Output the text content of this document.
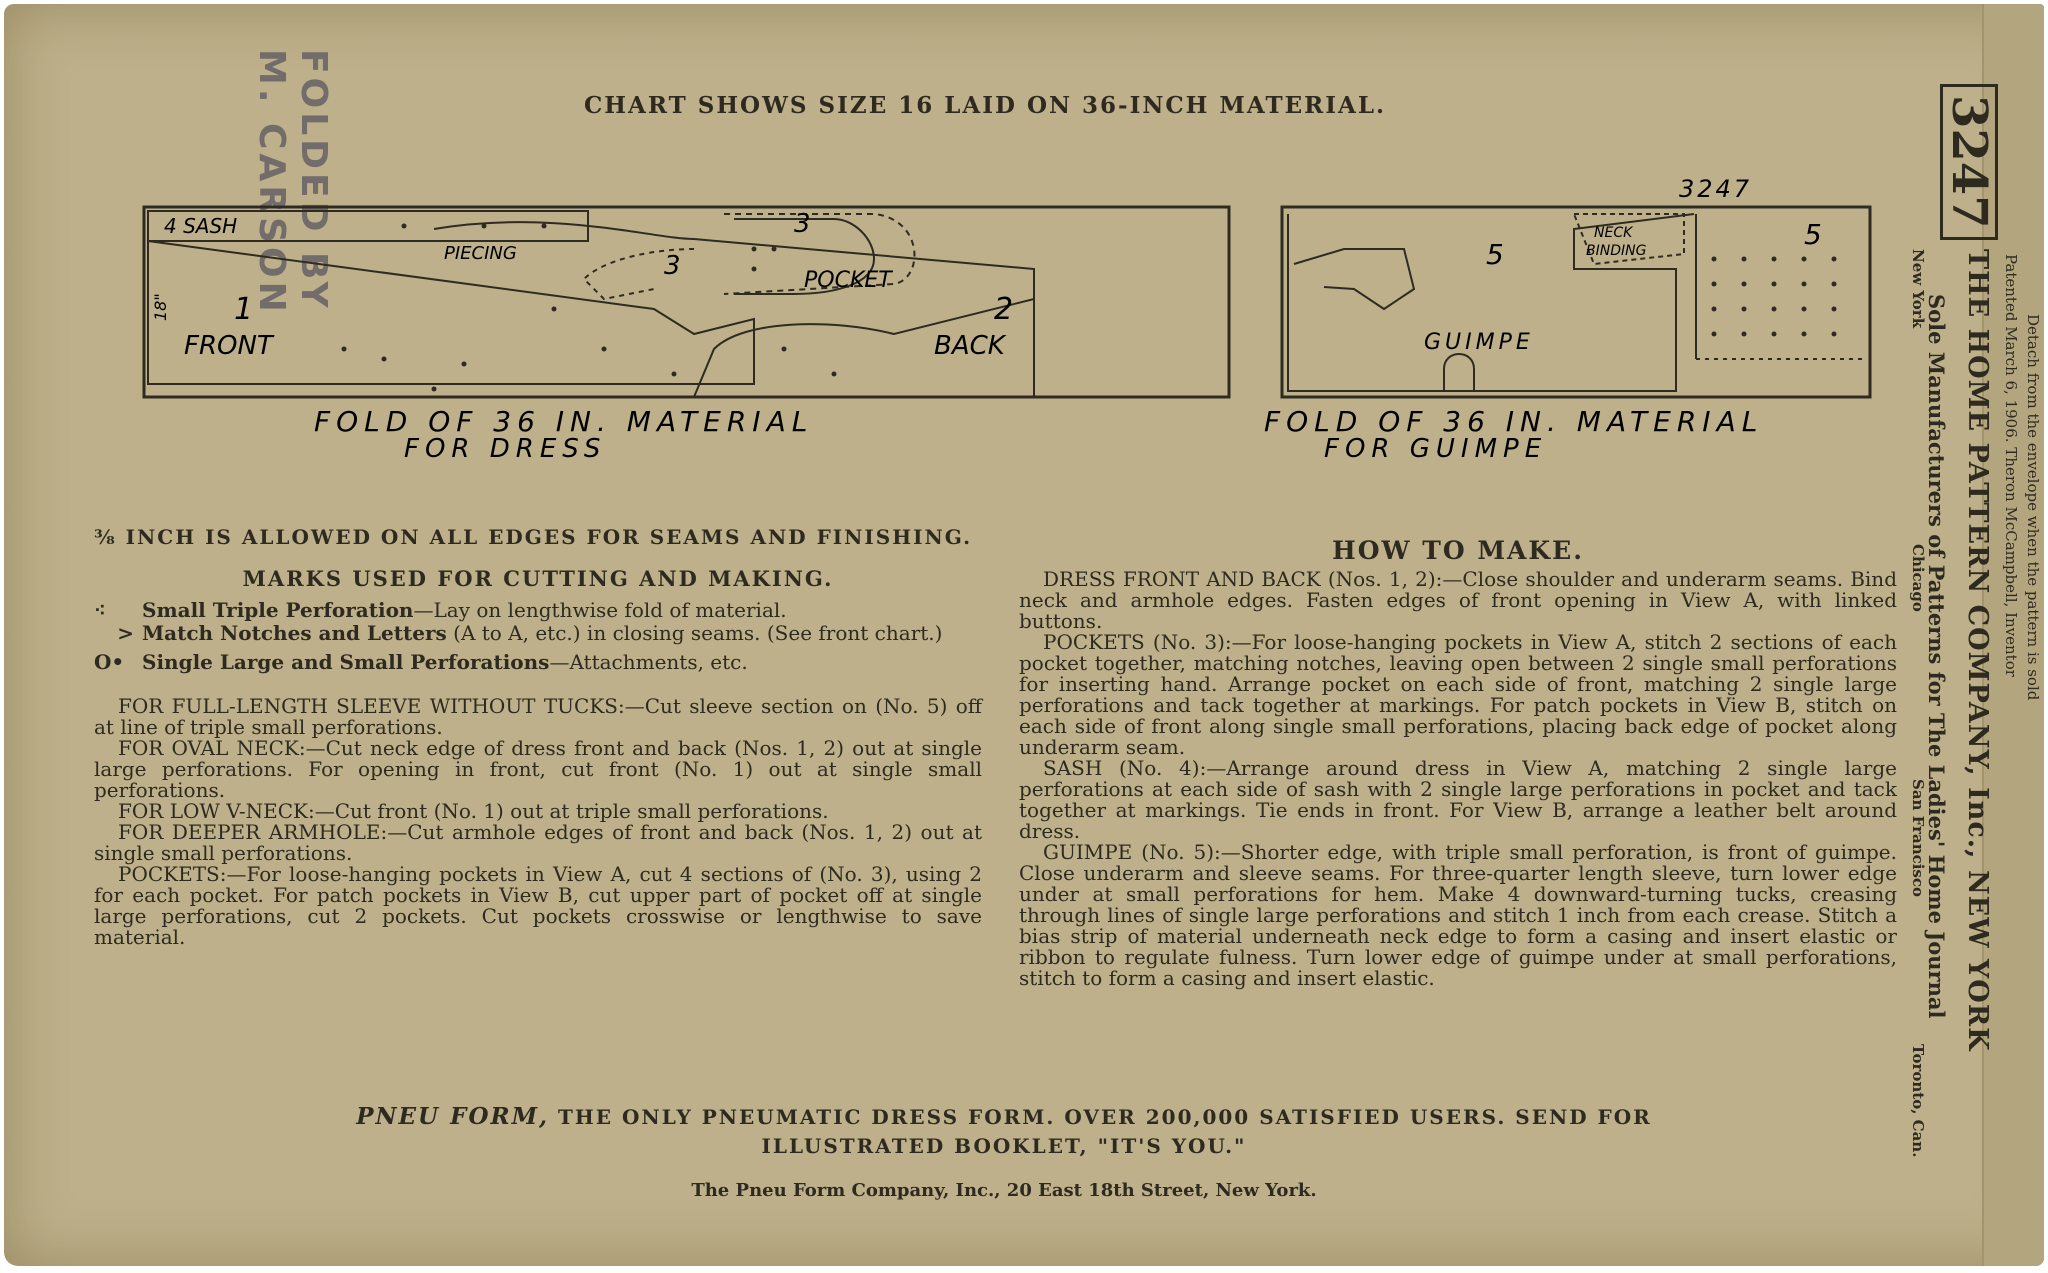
CHART SHOWS SIZE 16 LAID ON 36-INCH MATERIAL.
FOLDED BY M. CARSON
4 SASH
PIECING
3
3	POCKET
1
FRONT
2
BACK
18"
FOLD OF 36 IN. MATERIAL
FOR DRESS
3247
5
NECK
BINDING	5
GUIMPE
FOLD OF 36 IN. MATERIAL
FOR GUIMPE
⅜ INCH IS ALLOWED ON ALL EDGES FOR SEAMS AND FINISHING.
MARKS USED FOR CUTTING AND MAKING.
⁖	Small Triple Perforation—Lay on lengthwise fold of material.
> Match Notches and Letters (A to A, etc.) in closing seams. (See front chart.)
O• Single Large and Small Perforations—Attachments, etc.

FOR FULL-LENGTH SLEEVE WITHOUT TUCKS:—Cut sleeve section on (No. 5) off at line of triple small perforations.

FOR OVAL NECK:—Cut neck edge of dress front and back (Nos. 1, 2) out at single large perforations. For opening in front, cut front (No. 1) out at single small perforations.

FOR LOW V-NECK:—Cut front (No. 1) out at triple small perforations.

FOR DEEPER ARMHOLE:—Cut armhole edges of front and back (Nos. 1, 2) out at single small perforations.

POCKETS:—For loose-hanging pockets in View A, cut 4 sections of (No. 3), using 2 for each pocket. For patch pockets in View B, cut upper part of pocket off at single large perforations, cut 2 pockets. Cut pockets crosswise or lengthwise to save material.

HOW TO MAKE.

DRESS FRONT AND BACK (Nos. 1, 2):—Close shoulder and underarm seams. Bind neck and armhole edges. Fasten edges of front opening in View A, with linked buttons.

POCKETS (No. 3):—For loose-hanging pockets in View A, stitch 2 sections of each pocket together, matching notches, leaving open between 2 single small perforations for inserting hand. Arrange pocket on each side of front, matching 2 single large perforations and tack together at markings. For patch pockets in View B, stitch on each side of front along single small perforations, placing back edge of pocket along underarm seam.

SASH (No. 4):—Arrange around dress in View A, matching 2 single large perforations at each side of sash with 2 single large perforations in pocket and tack together at markings. Tie ends in front. For View B, arrange a leather belt around dress.

GUIMPE (No. 5):—Shorter edge, with triple small perforation, is front of guimpe. Close underarm and sleeve seams. For three-quarter length sleeve, turn lower edge under at small perforations for hem. Make 4 downward-turning tucks, creasing through lines of single large perforations and stitch 1 inch from each crease. Stitch a bias strip of material underneath neck edge to form a casing and insert elastic or ribbon to regulate fulness. Turn lower edge of guimpe under at small perforations, stitch to form a casing and insert elastic.

PNEU FORM, THE ONLY PNEUMATIC DRESS FORM. OVER 200,000 SATISFIED USERS. SEND FOR ILLUSTRATED BOOKLET, "IT'S YOU."
The Pneu Form Company, Inc., 20 East 18th Street, New York.
3247
THE HOME PATTERN COMPANY, Inc., NEW YORK
Sole Manufacturers of Patterns for The Ladies' Home Journal
New York
Chicago
San Francisco
Toronto, Can.
Patented March 6, 1906. Theron McCampbell, Inventor Detach from the envelope when the pattern is sold
